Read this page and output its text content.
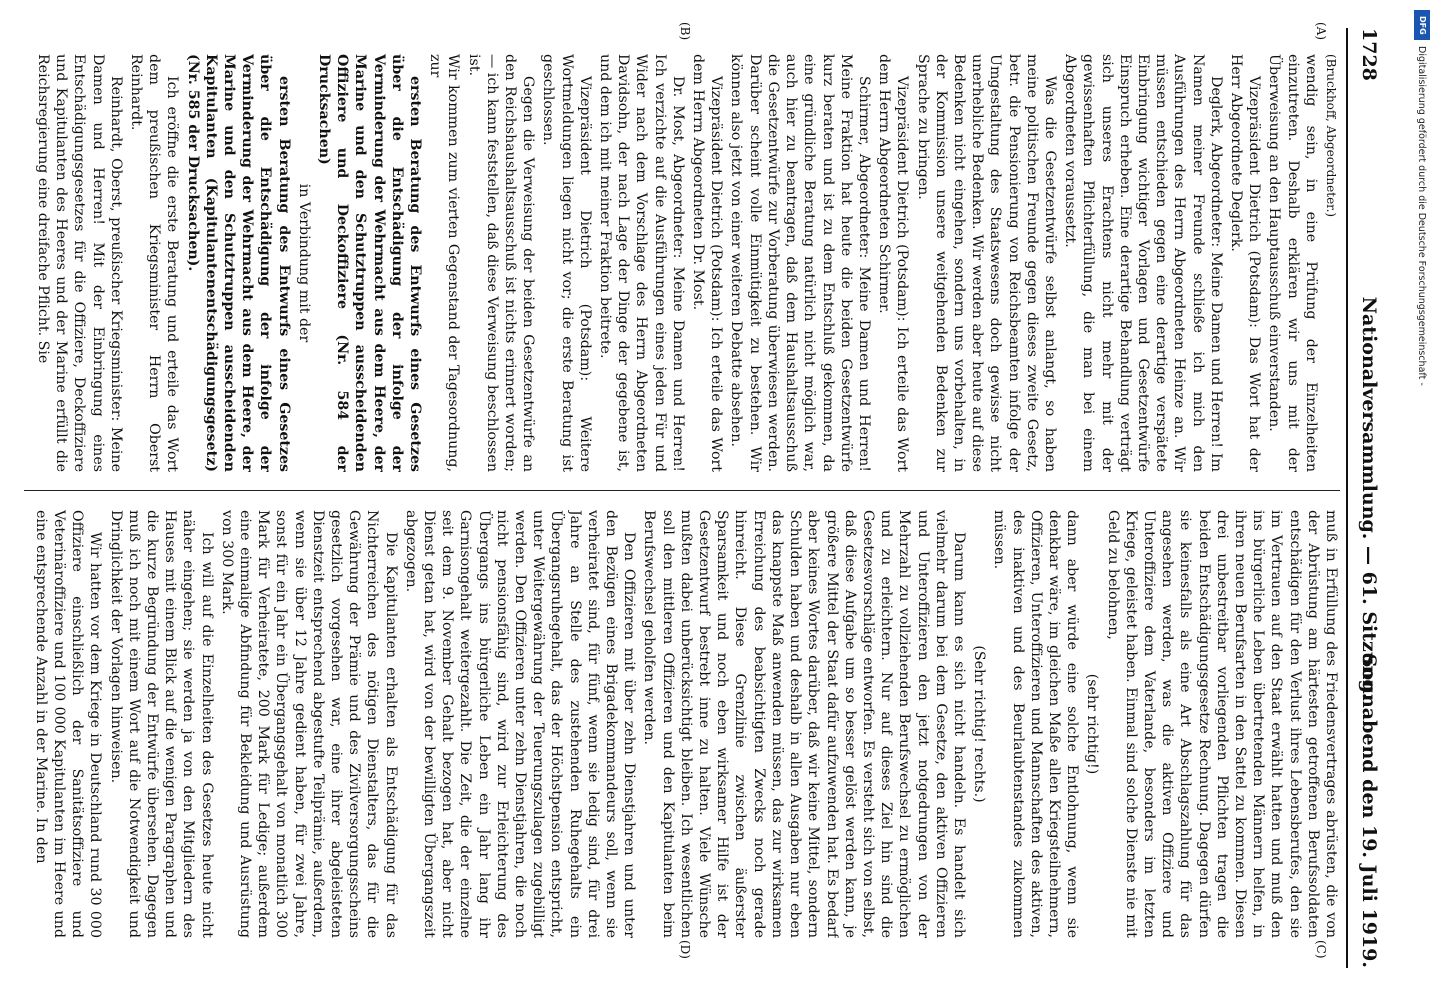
1728
Nationalversammlung. — 61. Sitzung.
Sonnabend den 19. Juli 1919.
(A)
(B)
(C)
(D)

(Bruckhoff, Abgeordneter.)

wendig sein, in eine Prüfung der Einzelheiten einzutreten. Deshalb erklären wir uns mit der Überweisung an den Hauptausschuß einverstanden.

Vizepräsident Dietrich (Potsdam): Das Wort hat der Herr Abgeordnete Deglerk.

Deglerk, Abgeordneter: Meine Damen und Herren! Im Namen meiner Freunde schließe ich mich den Ausführungen des Herrn Abgeordneten Heinze an. Wir müssen entschieden gegen eine derartige verspätete Einbringung wichtiger Vorlagen und Gesetzentwürfe Einspruch erheben. Eine derartige Behandlung verträgt sich unseres Erachtens nicht mehr mit der gewissenhaften Pflichterfüllung, die man bei einem Abgeordneten voraussetzt.

Was die Gesetzentwürfe selbst anlangt, so haben meine politischen Freunde gegen dieses zweite Gesetz, betr. die Pensionierung von Reichsbeamten infolge der Umgestaltung des Staatswesens doch gewisse nicht unerhebliche Bedenken. Wir werden aber heute auf diese Bedenken nicht eingehen, sondern uns vorbehalten, in der Kommission unsere weitgehenden Bedenken zur Sprache zu bringen.

Vizepräsident Dietrich (Potsdam): Ich erteile das Wort dem Herrn Abgeordneten Schirmer.

Schirmer, Abgeordneter: Meine Damen und Herren! Meine Fraktion hat heute die beiden Gesetzentwürfe kurz beraten und ist zu dem Entschluß gekommen, da eine gründliche Beratung natürlich nicht möglich war, auch hier zu beantragen, daß dem Haushaltsausschuß die Gesetzentwürfe zur Vorberatung überwiesen werden. Darüber scheint volle Einmütigkeit zu bestehen. Wir können also jetzt von einer weiteren Debatte absehen.

Vizepräsident Dietrich (Potsdam): Ich erteile das Wort dem Herrn Abgeordneten Dr. Most.

Dr. Most, Abgeordneter: Meine Damen und Herren! Ich verzichte auf die Ausführungen eines jeden Für und Wider nach dem Vorschlage des Herrn Abgeordneten Davidsohn, der nach Lage der Dinge der gegebene ist, und dem ich mit meiner Fraktion beitrete.

Vizepräsident Dietrich (Potsdam): Weitere Wortmeldungen liegen nicht vor; die erste Beratung ist geschlossen.

Gegen die Verweisung der beiden Gesetzentwürfe an den Reichshaushaltsausschuß ist nichts erinnert worden; — ich kann feststellen, daß diese Verweisung beschlossen ist.

Wir kommen zum vierten Gegenstand der Tagesordnung, zur

ersten Beratung des Entwurfs eines Gesetzes über die Entschädigung der infolge der Verminderung der Wehrmacht aus dem Heere, der Marine und den Schutztruppen ausscheidenden Offiziere und Deckoffiziere (Nr. 584 der Drucksachen)

in Verbindung mit der

ersten Beratung des Entwurfs eines Gesetzes über die Entschädigung der infolge der Verminderung der Wehrmacht aus dem Heere, der Marine und den Schutztruppen ausscheidenden Kapitulanten (Kapitulantenentschädigungsgesetz) (Nr. 585 der Drucksachen).

Ich eröffne die erste Beratung und erteile das Wort dem preußischen Kriegsminister Herrn Oberst Reinhardt.

Reinhardt, Oberst, preußischer Kriegsminister: Meine Damen und Herren! Mit der Einbringung eines Entschädigungsgesetzes für die Offiziere, Deckoffiziere und Kapitulanten des Heeres und der Marine erfüllt die Reichsregierung eine dreifache Pflicht. Sie

muß in Erfüllung des Friedensvertrages abrüsten, die von der Abrüstung am härtesten getroffenen Berufssoldaten entschädigen für den Verlust ihres Lebensberufes, den sie im Vertrauen auf den Staat erwählt hatten und muß den ins bürgerliche Leben übertretenden Männern helfen, in ihren neuen Berufsarten in den Sattel zu kommen. Diesen drei unbestreitbar vorliegenden Pflichten tragen die beiden Entschädigungsgesetze Rechnung. Dagegen dürfen sie keinesfalls als eine Art Abschlagszahlung für das angesehen werden, was die aktiven Offiziere und Unteroffiziere dem Vaterlande, besonders im letzten Kriege, geleistet haben. Einmal sind solche Dienste nie mit Geld zu belohnen,

(sehr richtig!)

dann aber würde eine solche Entlohnung, wenn sie denkbar wäre, im gleichen Maße allen Kriegsteilnehmern, Offizieren, Unteroffizieren und Mannschaften des aktiven, des inaktiven und des Beurlaubtenstandes zukommen müssen.

(Sehr richtig! rechts.)

Darum kann es sich nicht handeln. Es handelt sich vielmehr darum bei dem Gesetze, den aktiven Offizieren und Unteroffizieren den jetzt notgedrungen von der Mehrzahl zu vollziehenden Berufswechsel zu ermöglichen und zu erleichtern. Nur auf dieses Ziel hin sind die Gesetzesvorschläge entworfen. Es versteht sich von selbst, daß diese Aufgabe um so besser gelöst werden kann, je größere Mittel der Staat dafür aufzuwenden hat. Es bedarf aber keines Wortes darüber, daß wir keine Mittel, sondern Schulden haben und deshalb in allen Ausgaben nur eben das knappste Maß anwenden müssen, das zur wirksamen Erreichung des beabsichtigten Zwecks noch gerade hinreicht. Diese Grenzlinie zwischen äußerster Sparsamkeit und noch eben wirksamer Hilfe ist der Gesetzentwurf bestrebt inne zu halten. Viele Wünsche mußten dabei unberücksichtigt bleiben. Ich wesentlichen soll den mittleren Offizieren und den Kapitulanten beim Berufswechsel geholfen werden.

Den Offizieren mit über zehn Dienstjahren und unter den Bezügen eines Brigadekommandeurs soll, wenn sie verheiratet sind, für fünf, wenn sie ledig sind, für drei Jahre an Stelle des zustehenden Ruhegehalts ein Übergangsruhegehalt, das der Höchstpension entspricht, unter Weitergewährung der Teuerungszulagen zugebilligt werden. Den Offizieren unter zehn Dienstjahren, die noch nicht pensionsfähig sind, wird zur Erleichterung des Übergangs ins bürgerliche Leben ein Jahr lang ihr Garnisongehalt weitergezahlt. Die Zeit, die der einzelne seit dem 9. November Gehalt bezogen hat, aber nicht Dienst getan hat, wird von der bewilligten Übergangszeit abgezogen.

Die Kapitulanten erhalten als Entschädigung für das Nichterreichen des nötigen Dienstalters, das für die Gewährung der Prämie und des Zivilversorgungsscheins gesetzlich vorgesehen war, eine ihrer abgeleisteten Dienstzeit entsprechend abgestufte Teilprämie, außerdem, wenn sie über 12 Jahre gedient haben, für zwei Jahre, sonst für ein Jahr ein Übergangsgehalt von monatlich 300 Mark für Verheiratete, 200 Mark für Ledige; außerdem eine einmalige Abfindung für Bekleidung und Ausrüstung von 300 Mark.

Ich will auf die Einzelheiten des Gesetzes heute nicht näher eingehen; sie werden ja von den Mitgliedern des Hauses mit einem Blick auf die wenigen Paragraphen und die kurze Begründung der Entwürfe übersehen. Dagegen muß ich noch mit einem Wort auf die Notwendigkeit und Dringlichkeit der Vorlagen hinweisen.

Wir hatten vor dem Kriege in Deutschland rund 30 000 Offiziere einschließlich der Sanitätsoffiziere und Veterinäroffiziere und 100 000 Kapitulanten im Heere und eine entsprechende Anzahl in der Marine. In den

DFG
Digitalisierung gefördert durch die Deutsche Forschungsgemeinschaft -
